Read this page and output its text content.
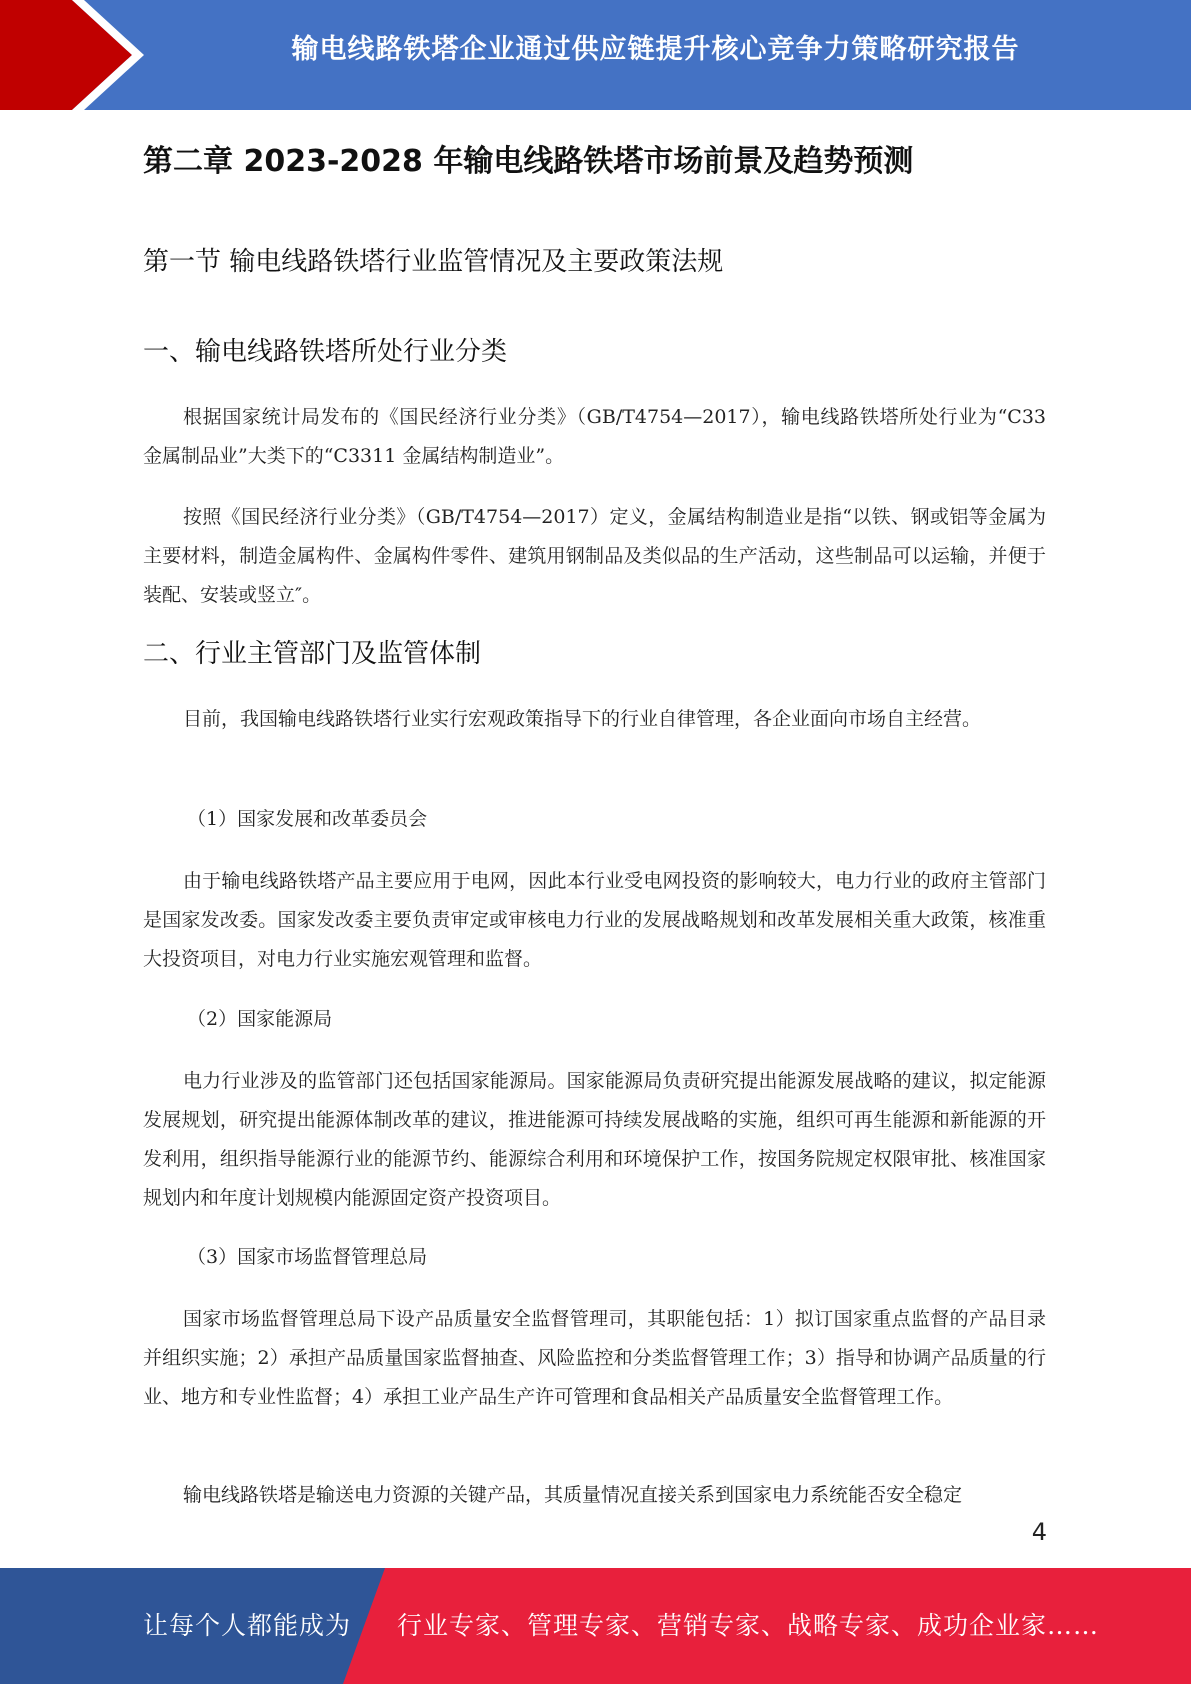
输电线路铁塔企业通过供应链提升核心竞争力策略研究报告
第二章 2023-2028 年输电线路铁塔市场前景及趋势预测
第一节 输电线路铁塔行业监管情况及主要政策法规
一、输电线路铁塔所处行业分类

根据国家统计局发布的《国民经济行业分类》（GB/T4754—2017），输电线路铁塔所处行业为“C33 金属制品业”大类下的“C3311 金属结构制造业”。

按照《国民经济行业分类》（GB/T4754—2017）定义，金属结构制造业是指“以铁、钢或铝等金属为主要材料，制造金属构件、金属构件零件、建筑用钢制品及类似品的生产活动，这些制品可以运输，并便于装配、安装或竖立″。

二、行业主管部门及监管体制

目前，我国输电线路铁塔行业实行宏观政策指导下的行业自律管理，各企业面向市场自主经营。

（1）国家发展和改革委员会

由于输电线路铁塔产品主要应用于电网，因此本行业受电网投资的影响较大，电力行业的政府主管部门是国家发改委。国家发改委主要负责审定或审核电力行业的发展战略规划和改革发展相关重大政策，核准重大投资项目，对电力行业实施宏观管理和监督。

（2）国家能源局

电力行业涉及的监管部门还包括国家能源局。国家能源局负责研究提出能源发展战略的建议，拟定能源发展规划，研究提出能源体制改革的建议，推进能源可持续发展战略的实施，组织可再生能源和新能源的开发利用，组织指导能源行业的能源节约、能源综合利用和环境保护工作，按国务院规定权限审批、核准国家规划内和年度计划规模内能源固定资产投资项目。

（3）国家市场监督管理总局

国家市场监督管理总局下设产品质量安全监督管理司，其职能包括：1）拟订国家重点监督的产品目录并组织实施；2）承担产品质量国家监督抽查、风险监控和分类监督管理工作；3）指导和协调产品质量的行业、地方和专业性监督；4）承担工业产品生产许可管理和食品相关产品质量安全监督管理工作。

输电线路铁塔是输送电力资源的关键产品，其质量情况直接关系到国家电力系统能否安全稳定

4
让每个人都能成为 行业专家、管理专家、营销专家、战略专家、成功企业家……
